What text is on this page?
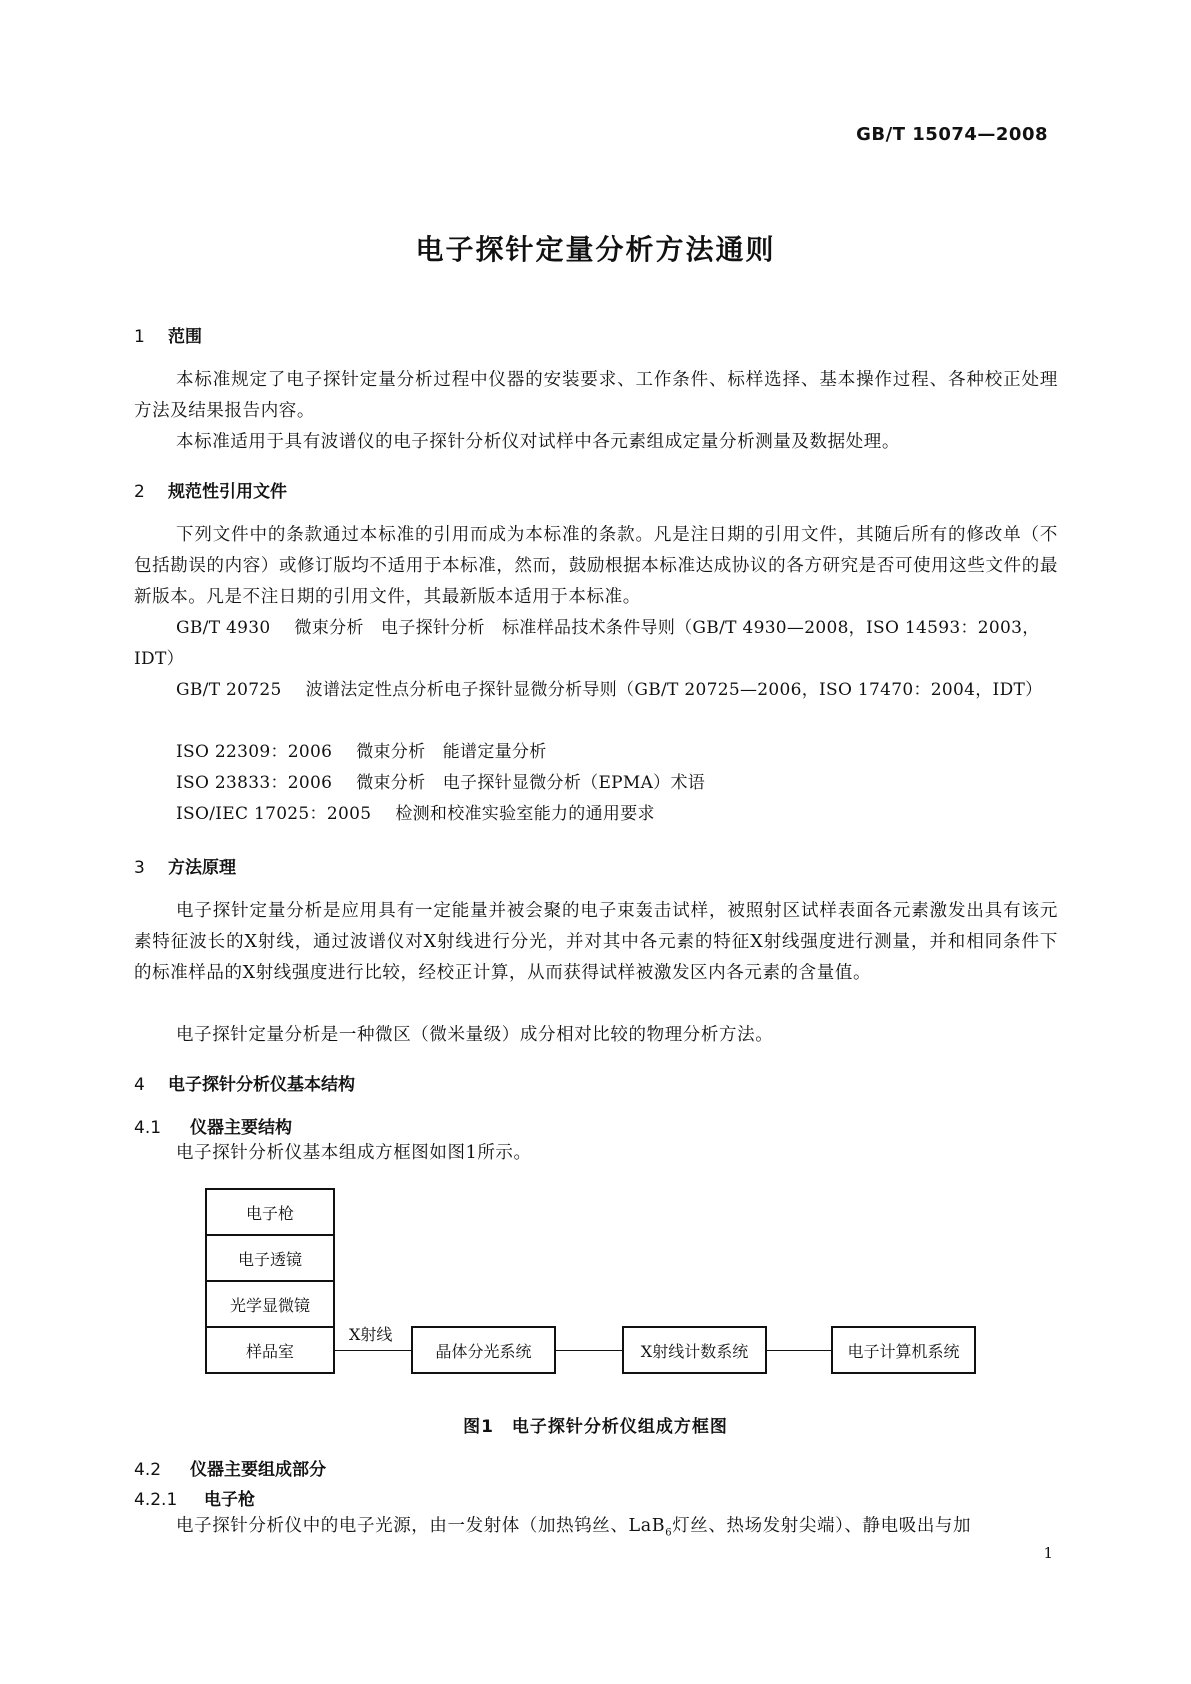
GB/T 15074—2008
电子探针定量分析方法通则
1 范围
本标准规定了电子探针定量分析过程中仪器的安装要求、工作条件、标样选择、基本操作过程、各种校正处理方法及结果报告内容。
本标准适用于具有波谱仪的电子探针分析仪对试样中各元素组成定量分析测量及数据处理。
2 规范性引用文件
下列文件中的条款通过本标准的引用而成为本标准的条款。凡是注日期的引用文件，其随后所有的修改单（不包括勘误的内容）或修订版均不适用于本标准，然而，鼓励根据本标准达成协议的各方研究是否可使用这些文件的最新版本。凡是不注日期的引用文件，其最新版本适用于本标准。
GB/T 4930 微束分析　电子探针分析　标准样品技术条件导则（GB/T 4930—2008，ISO 14593：2003，IDT）
GB/T 20725 波谱法定性点分析电子探针显微分析导则（GB/T 20725—2006，ISO 17470：2004，IDT）
ISO 22309：2006 微束分析　能谱定量分析
ISO 23833：2006 微束分析　电子探针显微分析（EPMA）术语
ISO/IEC 17025：2005 检测和校准实验室能力的通用要求
3 方法原理
电子探针定量分析是应用具有一定能量并被会聚的电子束轰击试样，被照射区试样表面各元素激发出具有该元素特征波长的X射线，通过波谱仪对X射线进行分光，并对其中各元素的特征X射线强度进行测量，并和相同条件下的标准样品的X射线强度进行比较，经校正计算，从而获得试样被激发区内各元素的含量值。
电子探针定量分析是一种微区（微米量级）成分相对比较的物理分析方法。
4 电子探针分析仪基本结构
4.1 仪器主要结构
电子探针分析仪基本组成方框图如图1所示。
电子枪
电子透镜
光学显微镜
样品室
X射线
晶体分光系统	X射线计数系统	电子计算机系统
图1　电子探针分析仪组成方框图
4.2 仪器主要组成部分
4.2.1 电子枪
电子探针分析仪中的电子光源，由一发射体（加热钨丝、LaB$_6$灯丝、热场发射尖端）、静电吸出与加
1
